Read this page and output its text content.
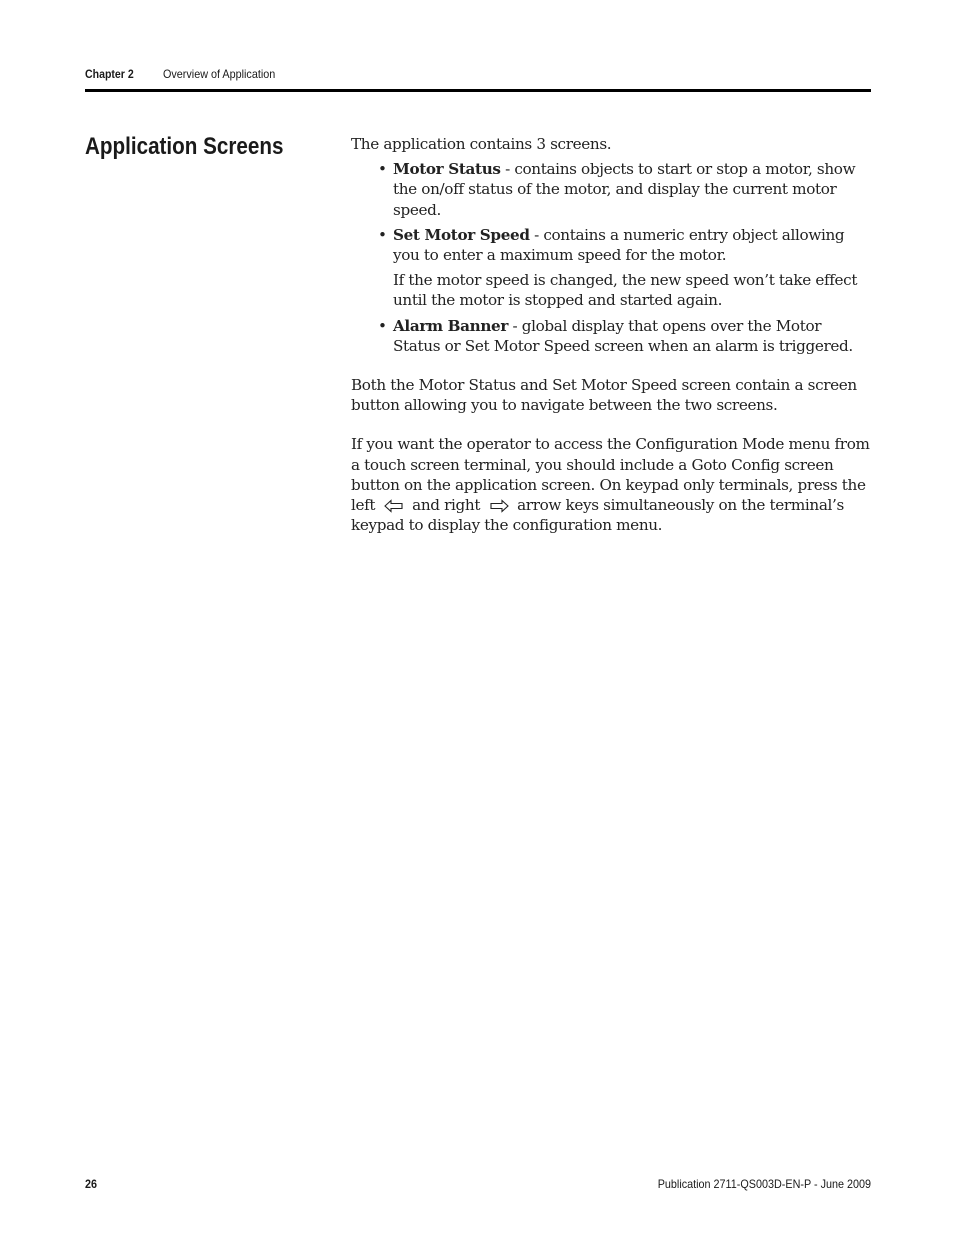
Chapter 2 Overview of Application
Application Screens	The application contains 3 screens.

• Motor Status - contains objects to start or stop a motor, show the on/off status of the motor, and display the current motor speed.
• Set Motor Speed - contains a numeric entry object allowing you to enter a maximum speed for the motor.

If the motor speed is changed, the new speed won’t take effect until the motor is stopped and started again.

• Alarm Banner - global display that opens over the Motor Status or Set Motor Speed screen when an alarm is triggered.

Both the Motor Status and Set Motor Speed screen contain a screen button allowing you to navigate between the two screens.

If you want the operator to access the Configuration Mode menu from a touch screen terminal, you should include a Goto Config screen button on the application screen. On keypad only terminals, press the left and right arrow keys simultaneously on the terminal’s keypad to display the configuration menu.

26	Publication 2711-QS003D-EN-P - June 2009
